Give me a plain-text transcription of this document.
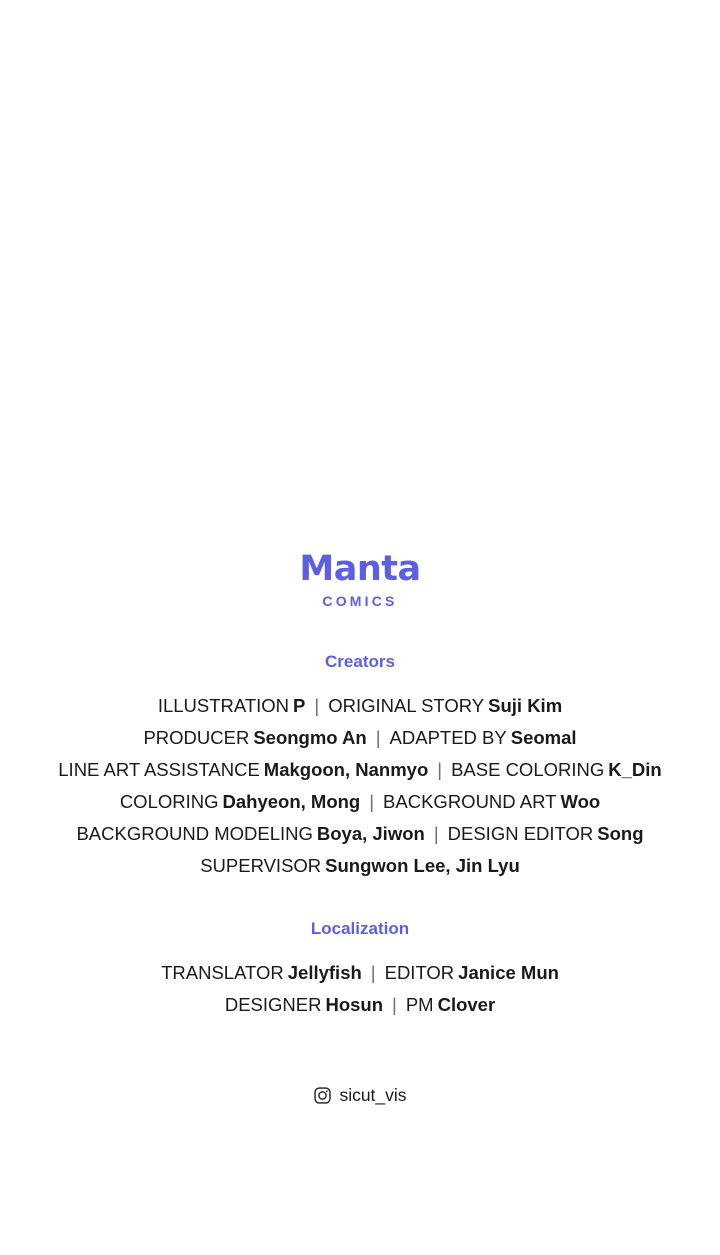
Manta
COMICS
Creators
ILLUSTRATION P | ORIGINAL STORY Suji Kim
PRODUCER Seongmo An | ADAPTED BY Seomal
LINE ART ASSISTANCE Makgoon, Nanmyo | BASE COLORING K_Din
COLORING Dahyeon, Mong | BACKGROUND ART Woo
BACKGROUND MODELING Boya, Jiwon | DESIGN EDITOR Song
SUPERVISOR Sungwon Lee, Jin Lyu
Localization
TRANSLATOR Jellyfish | EDITOR Janice Mun
DESIGNER Hosun | PM Clover
sicut_vis
